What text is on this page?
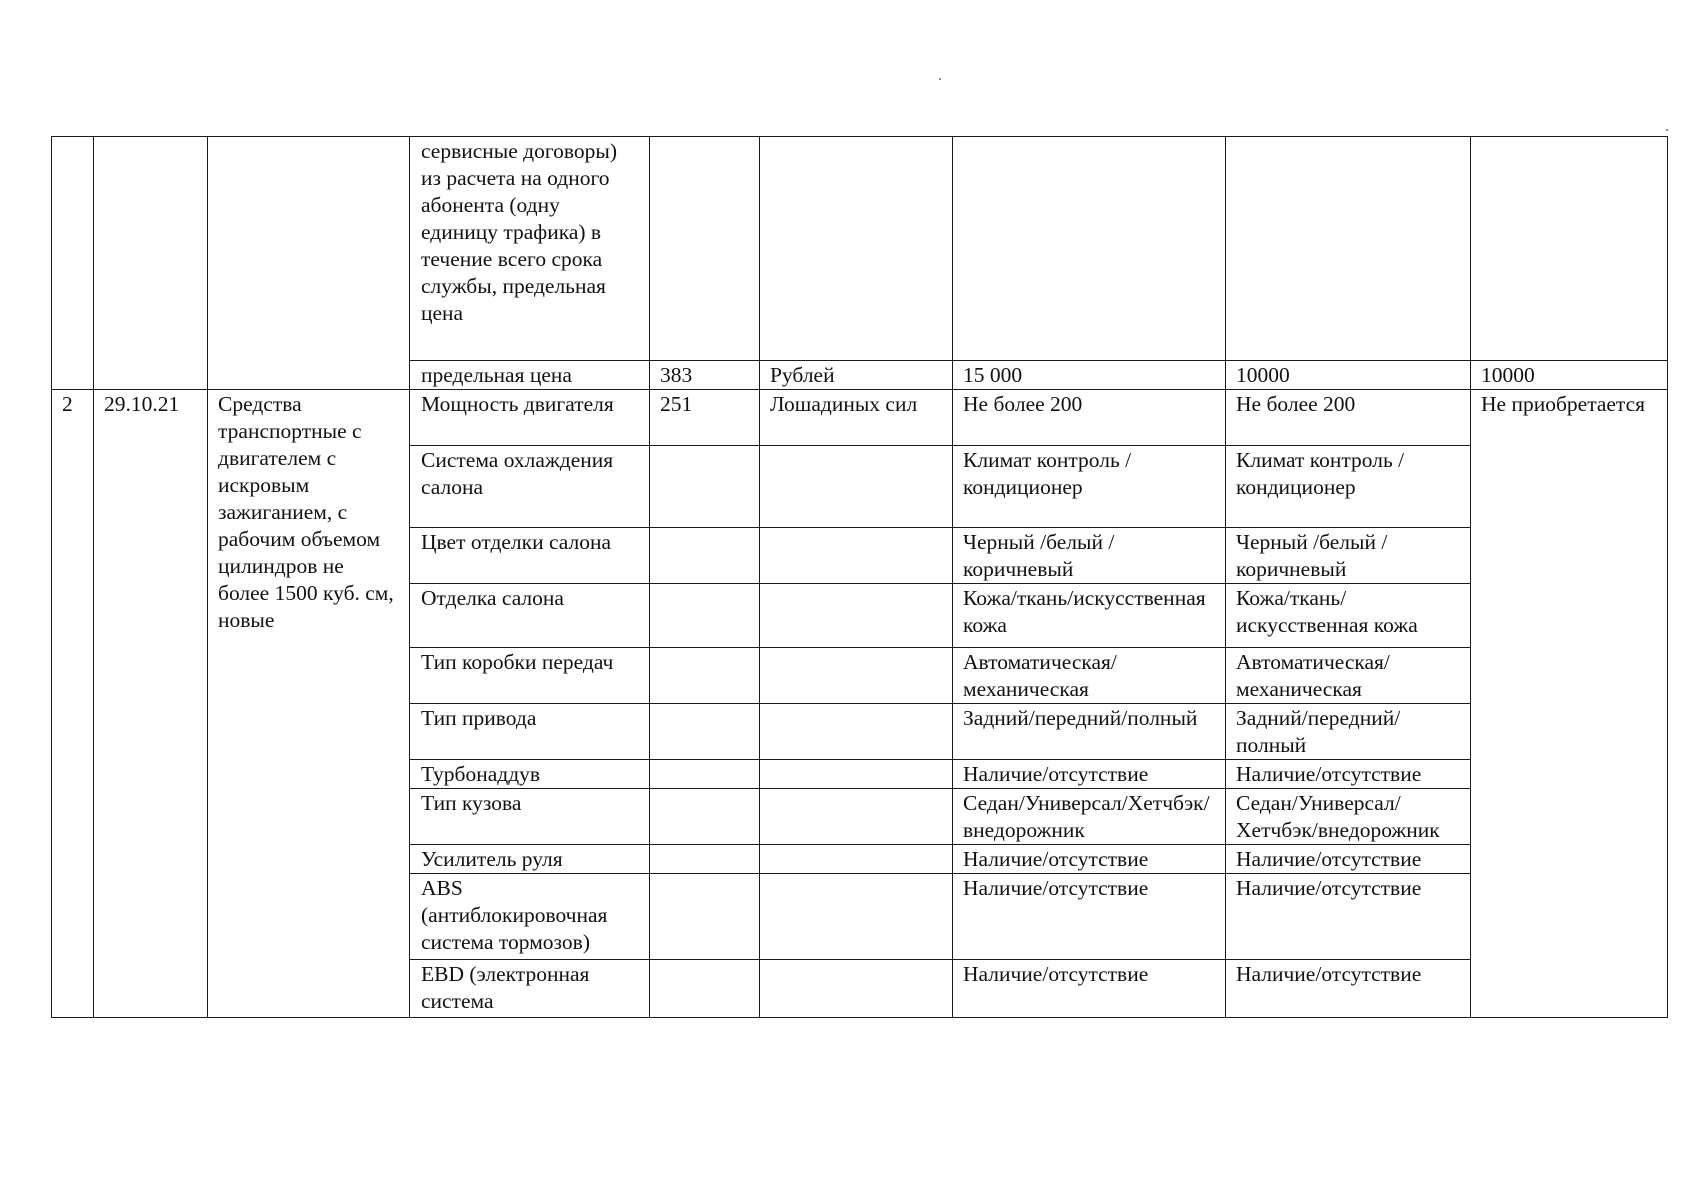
			сервисные договоры) из расчета на одного абонента (одну единицу трафика) в течение всего срока службы, предельная цена					
			предельная цена	383	Рублей	15 000	10000	10000
2	29.10.21	Средства транспортные с двигателем с искровым зажиганием, с рабочим объемом цилиндров не более 1500 куб. см, новые	Мощность двигателя	251	Лошадиных сил	Не более 200	Не более 200	Не приобретается
			Система охлаждения салона			Климат контроль /кондиционер	Климат контроль /кондиционер	
			Цвет отделки салона			Черный /белый / коричневый	Черный /белый / коричневый	
			Отделка салона			Кожа/ткань/искусственная кожа	Кожа/ткань/искусственная кожа	
			Тип коробки передач			Автоматическая/механическая	Автоматическая/механическая	
			Тип привода			Задний/передний/полный	Задний/передний/полный	
			Турбонаддув			Наличие/отсутствие	Наличие/отсутствие	
			Тип кузова			Седан/Универсал/Хетчбэк/внедорожник	Седан/Универсал/Хетчбэк/внедорожник	
			Усилитель руля			Наличие/отсутствие	Наличие/отсутствие	
			ABS (антиблокировочная система тормозов)			Наличие/отсутствие	Наличие/отсутствие	
			EBD (электронная система			Наличие/отсутствие	Наличие/отсутствие	
